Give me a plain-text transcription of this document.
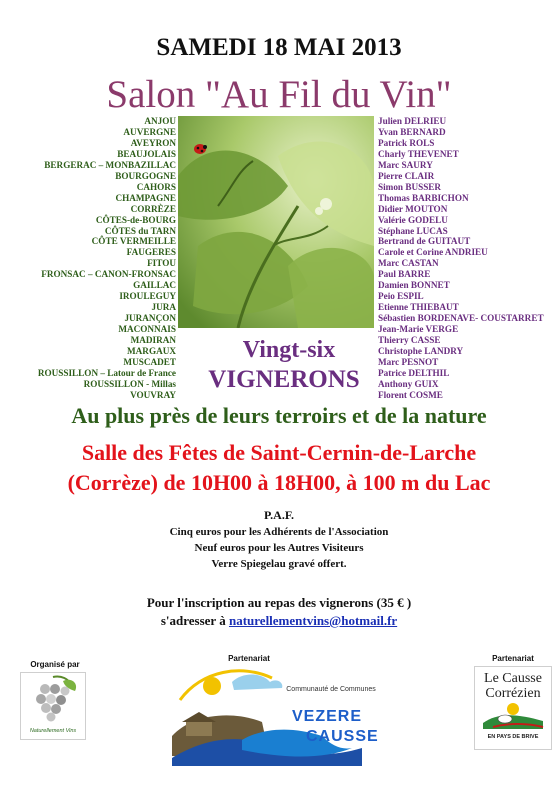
SAMEDI 18 MAI 2013
Salon "Au Fil du Vin"
ANJOU
AUVERGNE
AVEYRON
BEAUJOLAIS
BERGERAC – MONBAZILLAC
BOURGOGNE
CAHORS
CHAMPAGNE
CORRÈZE
CÔTES-de-BOURG
CÔTES du TARN
CÔTE VERMEILLE
FAUGERES
FITOU
FRONSAC – CANON-FRONSAC
GAILLAC
IROULEGUY
JURA
JURANÇON
MACONNAIS
MADIRAN
MARGAUX
MUSCADET
ROUSSILLON – Latour de France
ROUSSILLON - Millas
VOUVRAY
Julien DELRIEU
Yvan BERNARD
Patrick ROLS
Charly THEVENET
Marc SAURY
Pierre CLAIR
Simon BUSSER
Thomas BARBICHON
Didier MOUTON
Valérie GODELU
Stéphane LUCAS
Bertrand de GUITAUT
Carole et Corine ANDRIEU
Marc CASTAN
Paul BARRE
Damien BONNET
Peio ESPIL
Etienne THIEBAUT
Sébastien BORDENAVE- COUSTARRET
Jean-Marie VERGE
Thierry CASSE
Christophe LANDRY
Marc PESNOT
Patrice DELTHIL
Anthony GUIX
Florent COSME
Vingt-six
VIGNERONS
Au plus près de leurs terroirs et de la nature
Salle des Fêtes de Saint-Cernin-de-Larche
(Corrèze) de 10H00 à 18H00, à 100 m du Lac
P.A.F.
Cinq euros pour les Adhérents de l'Association
Neuf euros pour les Autres Visiteurs
Verre Spiegelau gravé offert.
Pour l'inscription au repas des vignerons (35 € )
s'adresser à naturellementvins@hotmail.fr
Organisé par
Naturellement Vins
Partenariat
Communauté de Communes
VEZERE
CAUSSE
Partenariat
Le Causse Corrézien
EN PAYS DE BRIVE
